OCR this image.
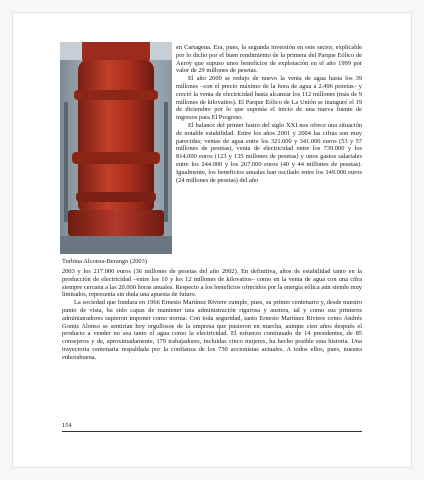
Turbina Alconza-Berango (2003)

en Cartagena. Era, pues, la segunda inversión en este sector, explicable por lo dicho por el buen rendimiento de la primera del Parque Eólico de Aeroy que supuso unos beneficios de explotación en el año 1999 por valor de 29 millones de pesetas.

El año 2000 se redujo de nuevo la venta de agua hasta los 39 millones –con el precio máximo de la hora de agua a 2.496 pesetas– y creció la venta de electricidad hasta alcanzar los 112 millones (más de 9 millones de kilovatios). El Parque Eólico de La Unión se inauguró el 19 de diciembre por lo que suponía el inicio de una nueva fuente de ingresos para El Progreso.

El balance del primer lustro del siglo XXI nos ofrece una situación de notable estabilidad. Entre los años 2001 y 2004 las cifras son muy parecidas; ventas de agua entre los 321.000 y 341.000 euros (53 y 57 millones de pesetas), venta de electricidad entre los 739.000 y los 814.000 euros (123 y 135 millones de pesetas) y unos gastos salariales entre los 244.000 y los 267.000 euros (40 y 44 millones de pesetas). Igualmente, los beneficios anuales han oscilado entre los 149.000 euros (24 millones de pesetas) del año

2003 y los 217.000 euros (36 millones de pesetas del año 2002). En definitiva, años de estabilidad tanto en la producción de electricidad –entre los 10 y los 12 millones de kilovatios– como en la venta de agua con una cifra siempre cercana a las 20.000 horas anuales. Respecto a los beneficios ofrecidos por la energía eólica aún siendo muy limitados, representa sin duda una apuesta de futuro.

La sociedad que fundara en 1966 Ernesto Martínez Riviere cumple, pues, su primer centenario y, desde nuestro punto de vista, ha sido capaz de mantener una administración rigurosa y austera, tal y como sus primeros administradores supieron imponer como norma. Con toda seguridad, tanto Ernesto Martínez Riviere como Andrés Gomis Alonso se sentirían hoy orgullosos de la empresa que pusieron en marcha, aunque cien años después el producto a vender no sea tanto el agua como la electricidad. El esfuerzo continuado de 14 presidentes, de 85 consejeros y de, aproximadamente, 179 trabajadores, incluidas cinco mujeres, ha hecho posible esta historia. Una trayectoria centenaria respaldada por la confianza de los 730 accionistas actuales. A todos ellos, pues, nuestra enhorabuena.

154
